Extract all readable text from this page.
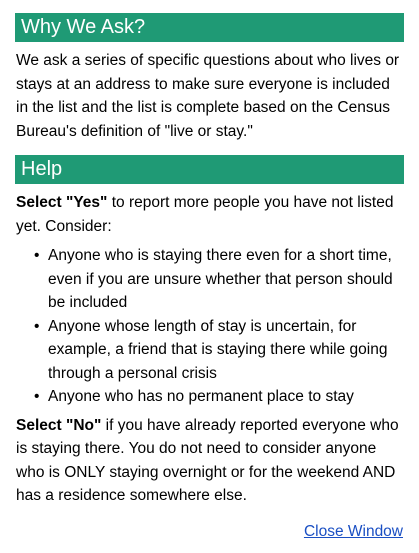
Why We Ask?
We ask a series of specific questions about who lives or stays at an address to make sure everyone is included in the list and the list is complete based on the Census Bureau's definition of "live or stay."
Help
Select "Yes" to report more people you have not listed yet. Consider:
• Anyone who is staying there even for a short time, even if you are unsure whether that person should be included
• Anyone whose length of stay is uncertain, for example, a friend that is staying there while going through a personal crisis
• Anyone who has no permanent place to stay
Select "No" if you have already reported everyone who is staying there. You do not need to consider anyone who is ONLY staying overnight or for the weekend AND has a residence somewhere else.
Close Window
